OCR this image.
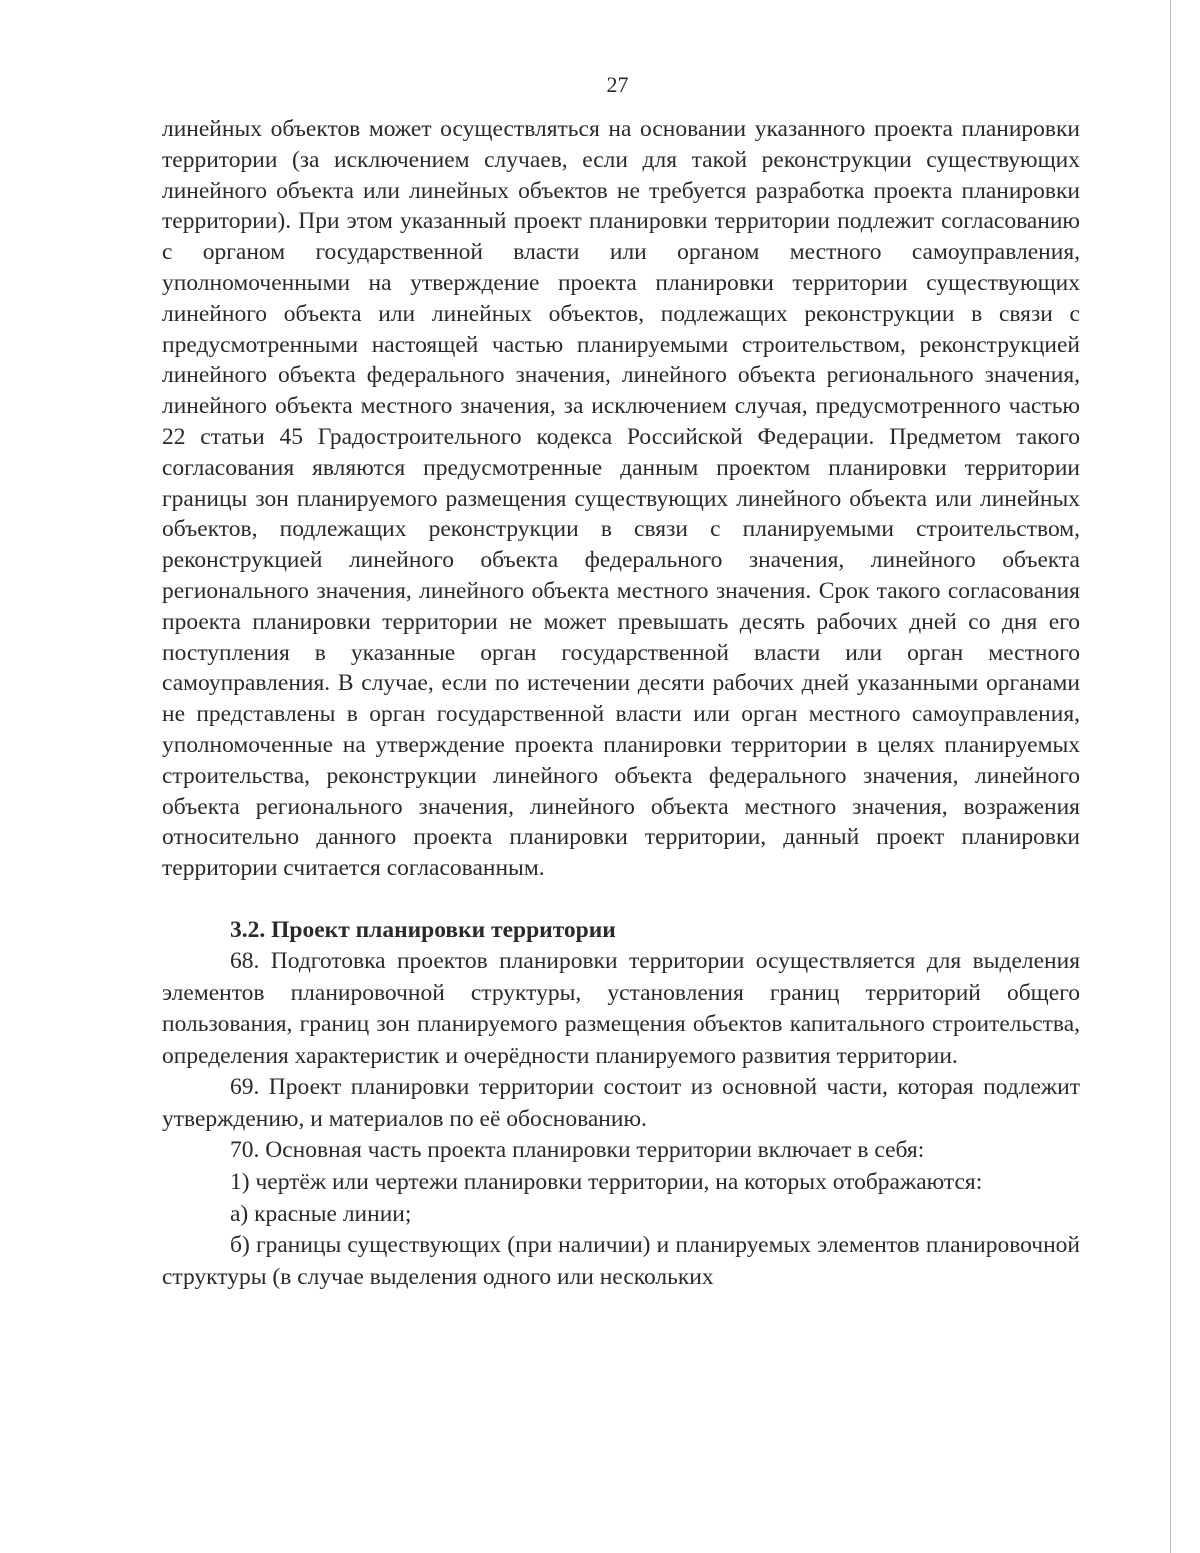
27

линейных объектов может осуществляться на основании указанного проекта планировки территории (за исключением случаев, если для такой реконструкции существующих линейного объекта или линейных объектов не требуется разработка проекта планировки территории). При этом указанный проект планировки территории подлежит согласованию с органом государственной власти или органом местного самоуправления, уполномоченными на утверждение проекта планировки территории существующих линейного объекта или линейных объектов, подлежащих реконструкции в связи с предусмотренными настоящей частью планируемыми строительством, реконструкцией линейного объекта федерального значения, линейного объекта регионального значения, линейного объекта местного значения, за исключением случая, предусмотренного частью 22 статьи 45 Градостроительного кодекса Российской Федерации. Предметом такого согласования являются предусмотренные данным проектом планировки территории границы зон планируемого размещения существующих линейного объекта или линейных объектов, подлежащих реконструкции в связи с планируемыми строительством, реконструкцией линейного объекта федерального значения, линейного объекта регионального значения, линейного объекта местного значения. Срок такого согласования проекта планировки территории не может превышать десять рабочих дней со дня его поступления в указанные орган государственной власти или орган местного самоуправления. В случае, если по истечении десяти рабочих дней указанными органами не представлены в орган государственной власти или орган местного самоуправления, уполномоченные на утверждение проекта планировки территории в целях планируемых строительства, реконструкции линейного объекта федерального значения, линейного объекта регионального значения, линейного объекта местного значения, возражения относительно данного проекта планировки территории, данный проект планировки территории считается согласованным.

3.2. Проект планировки территории

68. Подготовка проектов планировки территории осуществляется для выделения элементов планировочной структуры, установления границ территорий общего пользования, границ зон планируемого размещения объектов капитального строительства, определения характеристик и очерёдности планируемого развития территории.

69. Проект планировки территории состоит из основной части, которая подлежит утверждению, и материалов по её обоснованию.

70. Основная часть проекта планировки территории включает в себя:

1) чертёж или чертежи планировки территории, на которых отображаются:

а) красные линии;

б) границы существующих (при наличии) и планируемых элементов планировочной структуры (в случае выделения одного или нескольких
